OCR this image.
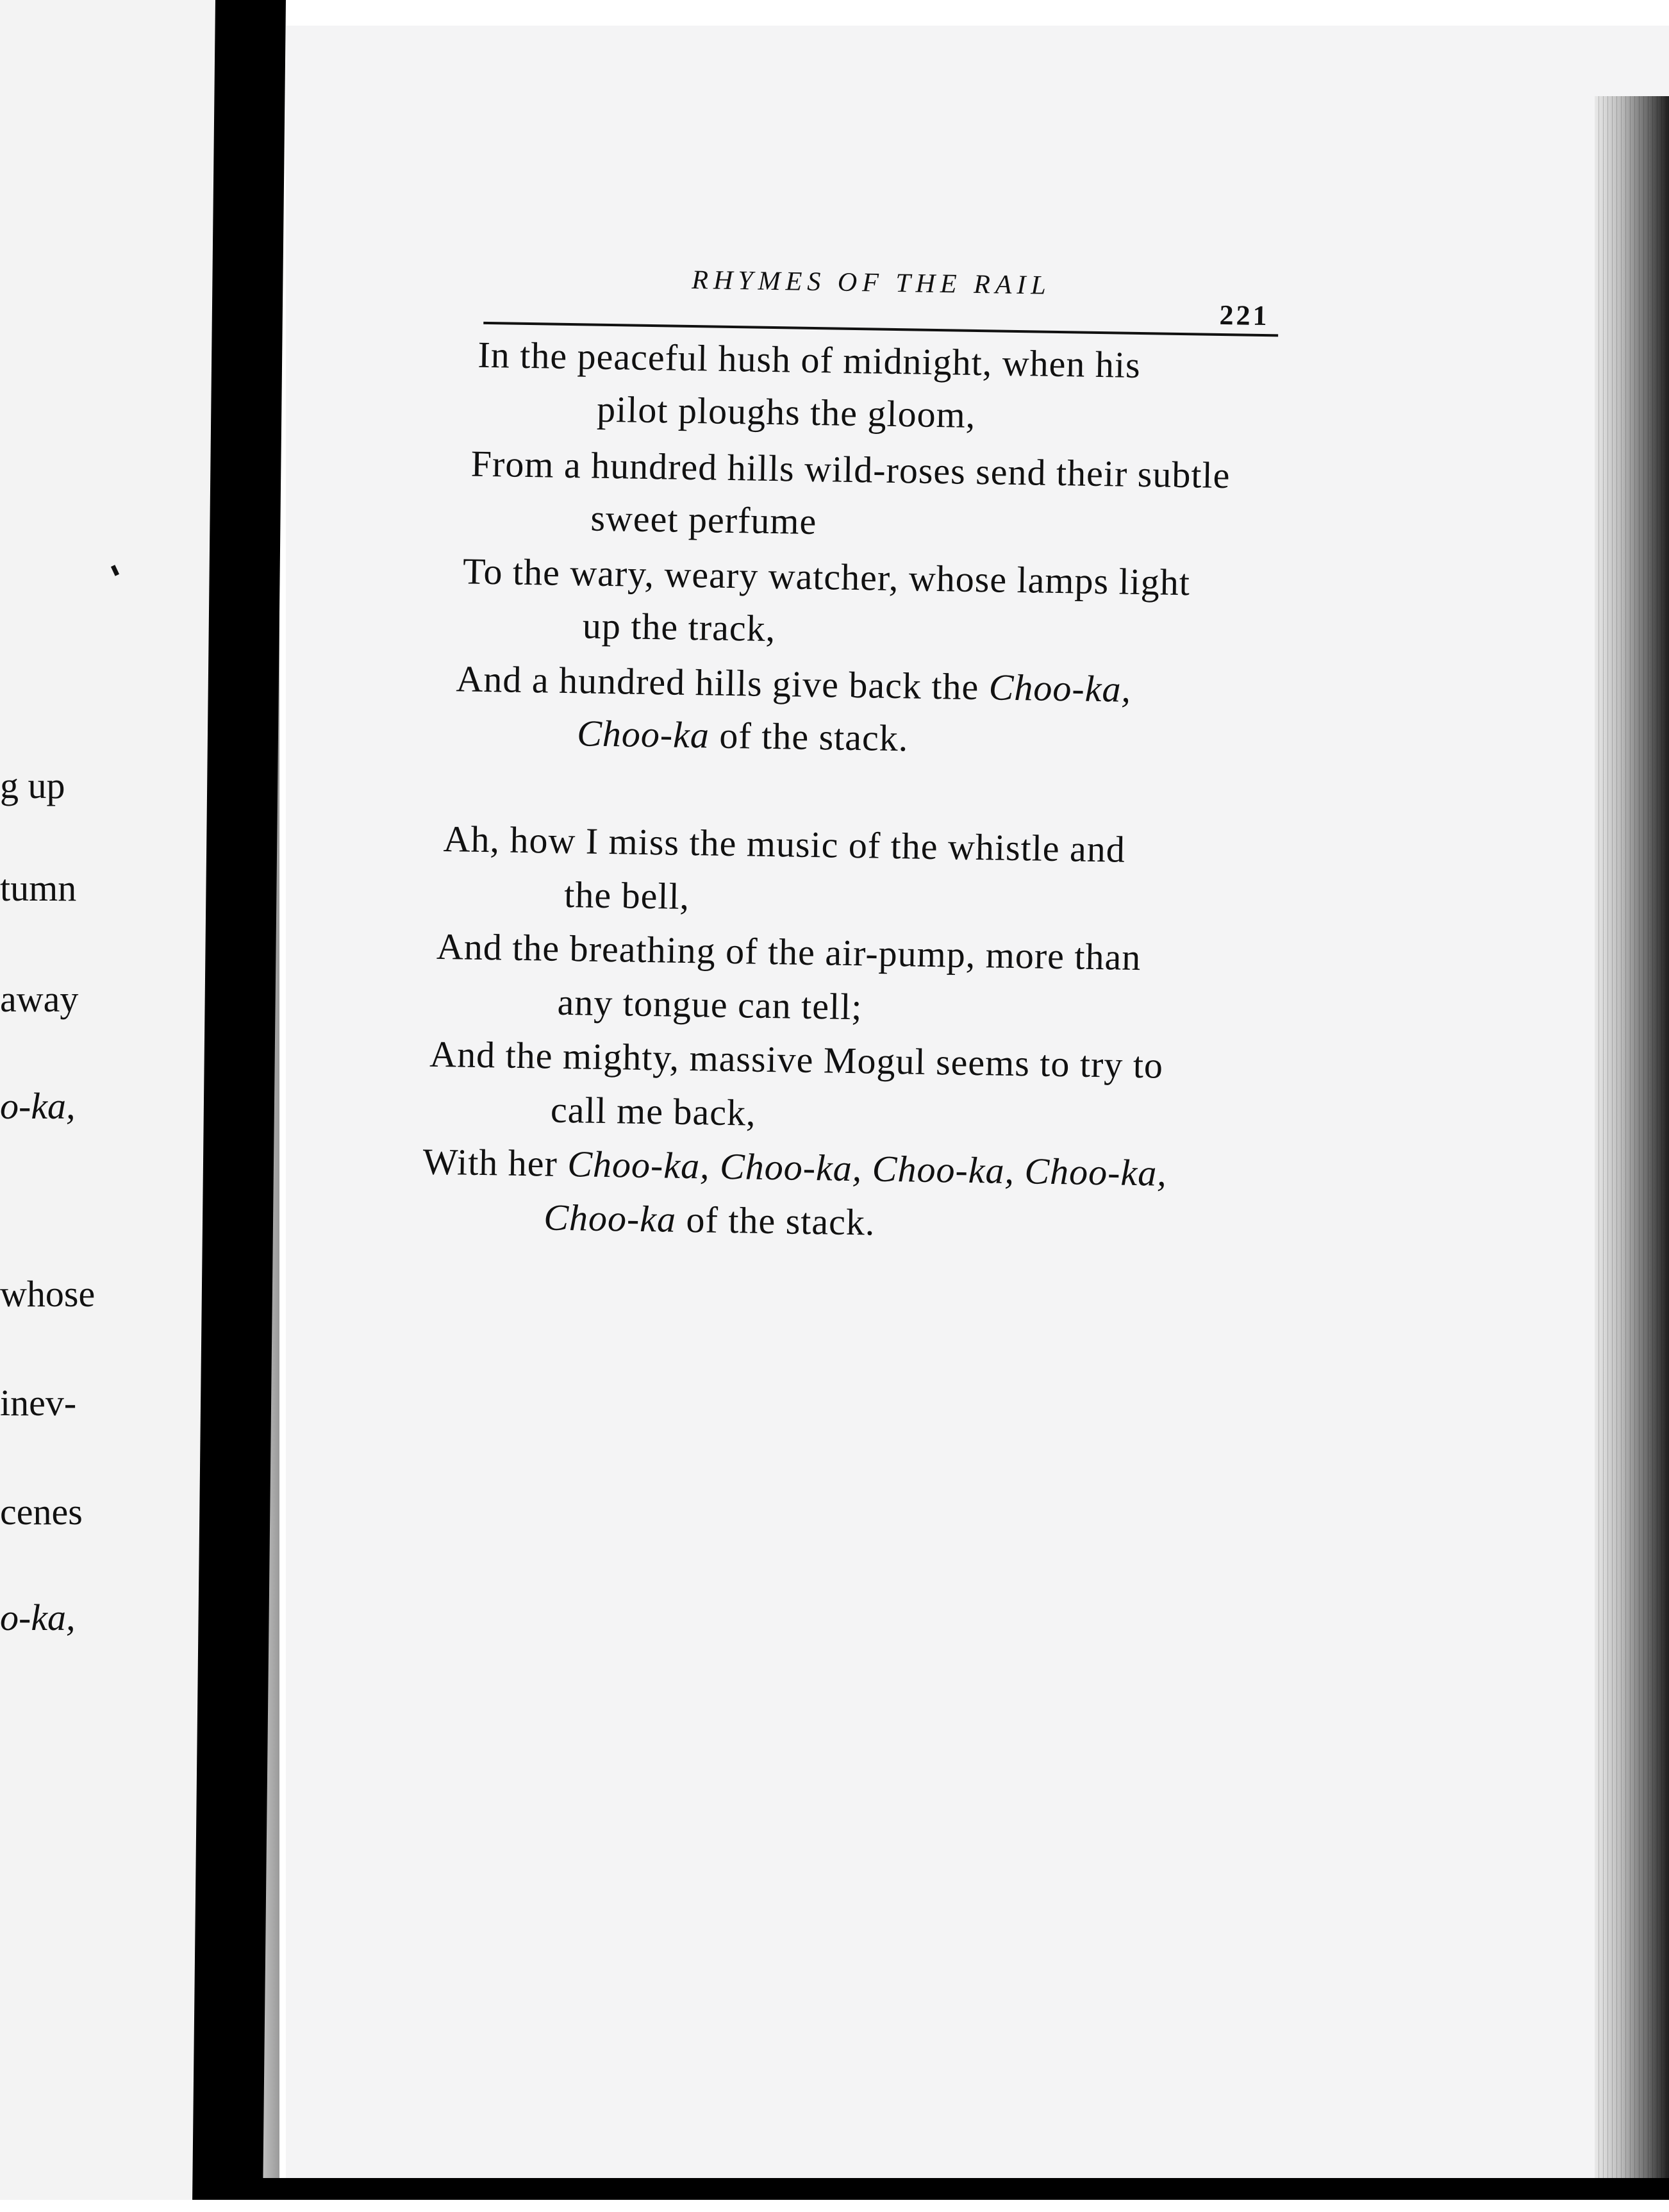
g up
tumn
away
o-ka,
whose
inev-
cenes
o-ka,
RHYMES OF THE RAIL
221
In the peaceful hush of midnight, when his
pilot ploughs the gloom,
From a hundred hills wild-roses send their subtle
sweet perfume
To the wary, weary watcher, whose lamps light
up the track,
And a hundred hills give back the Choo-ka,
Choo-ka of the stack.
Ah, how I miss the music of the whistle and
the bell,
And the breathing of the air-pump, more than
any tongue can tell;
And the mighty, massive Mogul seems to try to
call me back,
With her Choo-ka, Choo-ka, Choo-ka, Choo-ka,
Choo-ka of the stack.
